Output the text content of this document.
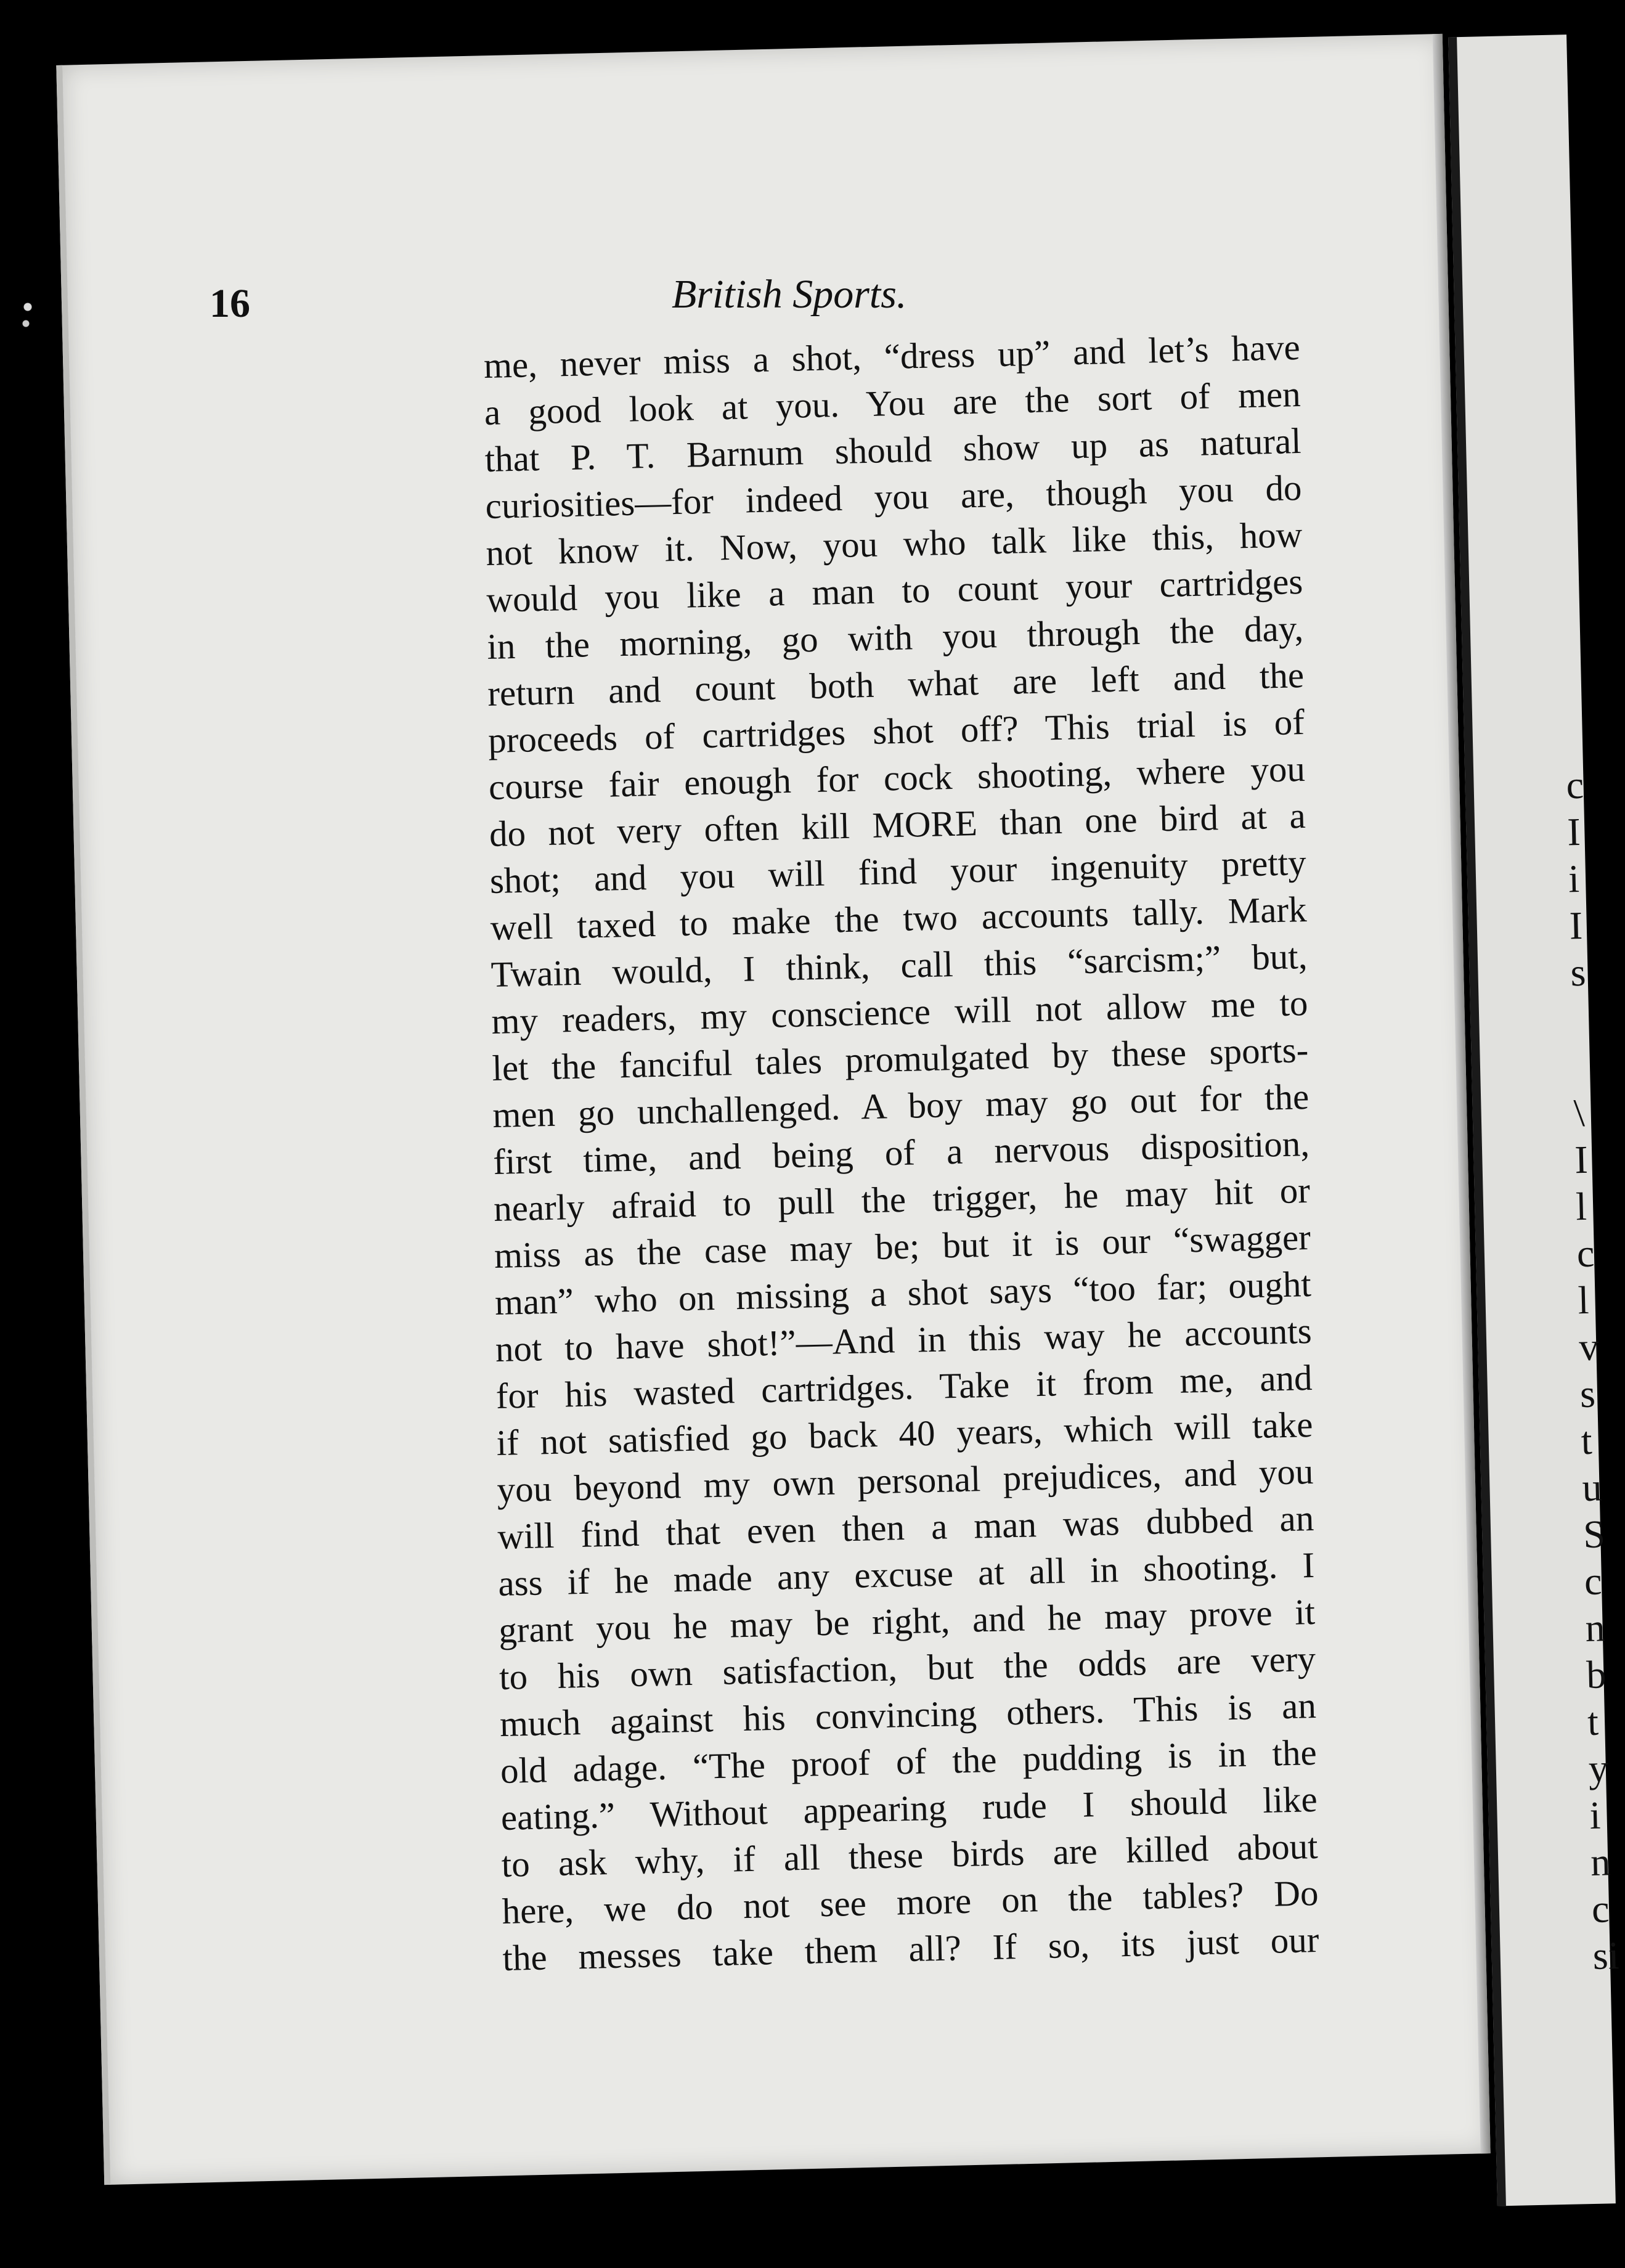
c
I
i
I
s

\
I
l
c
l
v
s
t
u
S
c
n
b
t
y
i
n
c
si
16	British Sports.
me, never miss a shot, “dress up” and let’s have
a good look at you. You are the sort of men
that P. T. Barnum should show up as natural
curiosities—for indeed you are, though you do
not know it. Now, you who talk like this, how
would you like a man to count your cartridges
in the morning, go with you through the day,
return and count both what are left and the
proceeds of cartridges shot off? This trial is of
course fair enough for cock shooting, where you
do not very often kill MORE than one bird at a
shot; and you will find your ingenuity pretty
well taxed to make the two accounts tally. Mark
Twain would, I think, call this “sarcism;” but,
my readers, my conscience will not allow me to
let the fanciful tales promulgated by these sports-
men go unchallenged. A boy may go out for the
first time, and being of a nervous disposition,
nearly afraid to pull the trigger, he may hit or
miss as the case may be; but it is our “swagger
man” who on missing a shot says “too far; ought
not to have shot!”—And in this way he accounts
for his wasted cartridges. Take it from me, and
if not satisfied go back 40 years, which will take
you beyond my own personal prejudices, and you
will find that even then a man was dubbed an
ass if he made any excuse at all in shooting. I
grant you he may be right, and he may prove it
to his own satisfaction, but the odds are very
much against his convincing others. This is an
old adage. “The proof of the pudding is in the
eating.” Without appearing rude I should like
to ask why, if all these birds are killed about
here, we do not see more on the tables? Do
the messes take them all? If so, its just our
